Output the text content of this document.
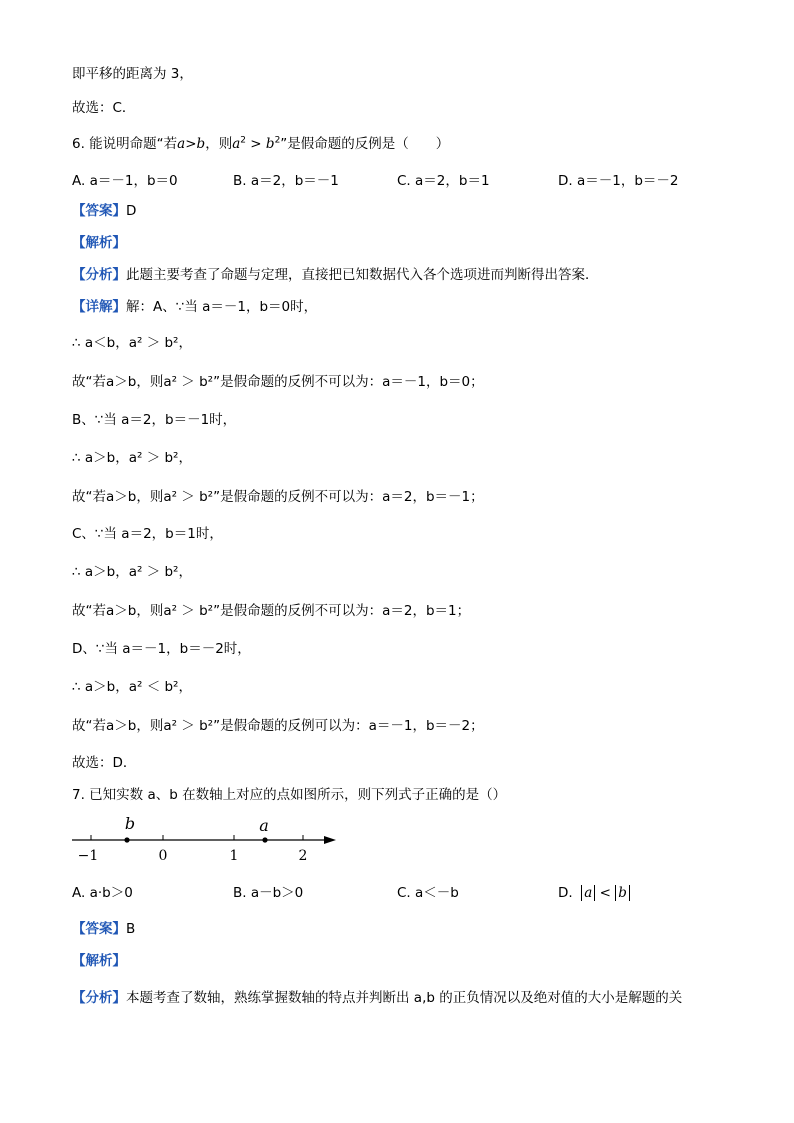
即平移的距离为 3，
故选：C．
6. 能说明命题“若a>b，则$a^2 > b^2$”是假命题的反例是（　　）
A. a＝－1，b＝0	B. a＝2，b＝－1	C. a＝2，b＝1	D. a＝－1，b＝－2
【答案】D
【解析】
【分析】此题主要考查了命题与定理，直接把已知数据代入各个选项进而判断得出答案．
【详解】解：A、∵当 a＝－1，b＝0时，
∴ a＜b，a² ＞ b²，
故“若a＞b，则a² ＞ b²”是假命题的反例不可以为：a＝－1，b＝0；
B、∵当 a＝2，b＝－1时，
∴ a＞b，a² ＞ b²，
故“若a＞b，则a² ＞ b²”是假命题的反例不可以为：a＝2，b＝－1；
C、∵当 a＝2，b＝1时，
∴ a＞b，a² ＞ b²，
故“若a＞b，则a² ＞ b²”是假命题的反例不可以为：a＝2，b＝1；
D、∵当 a＝－1，b＝－2时，
∴ a＞b，a² ＜ b²，
故“若a＞b，则a² ＞ b²”是假命题的反例可以为：a＝－1，b＝－2；
故选：D．
7. 已知实数 a、b 在数轴上对应的点如图所示，则下列式子正确的是（）
−1	0	1	2
b	a
A. a·b＞0	B. a－b＞0	C. a＜－b	D. a < b
【答案】B
【解析】
【分析】本题考查了数轴，熟练掌握数轴的特点并判断出 a,b 的正负情况以及绝对值的大小是解题的关
